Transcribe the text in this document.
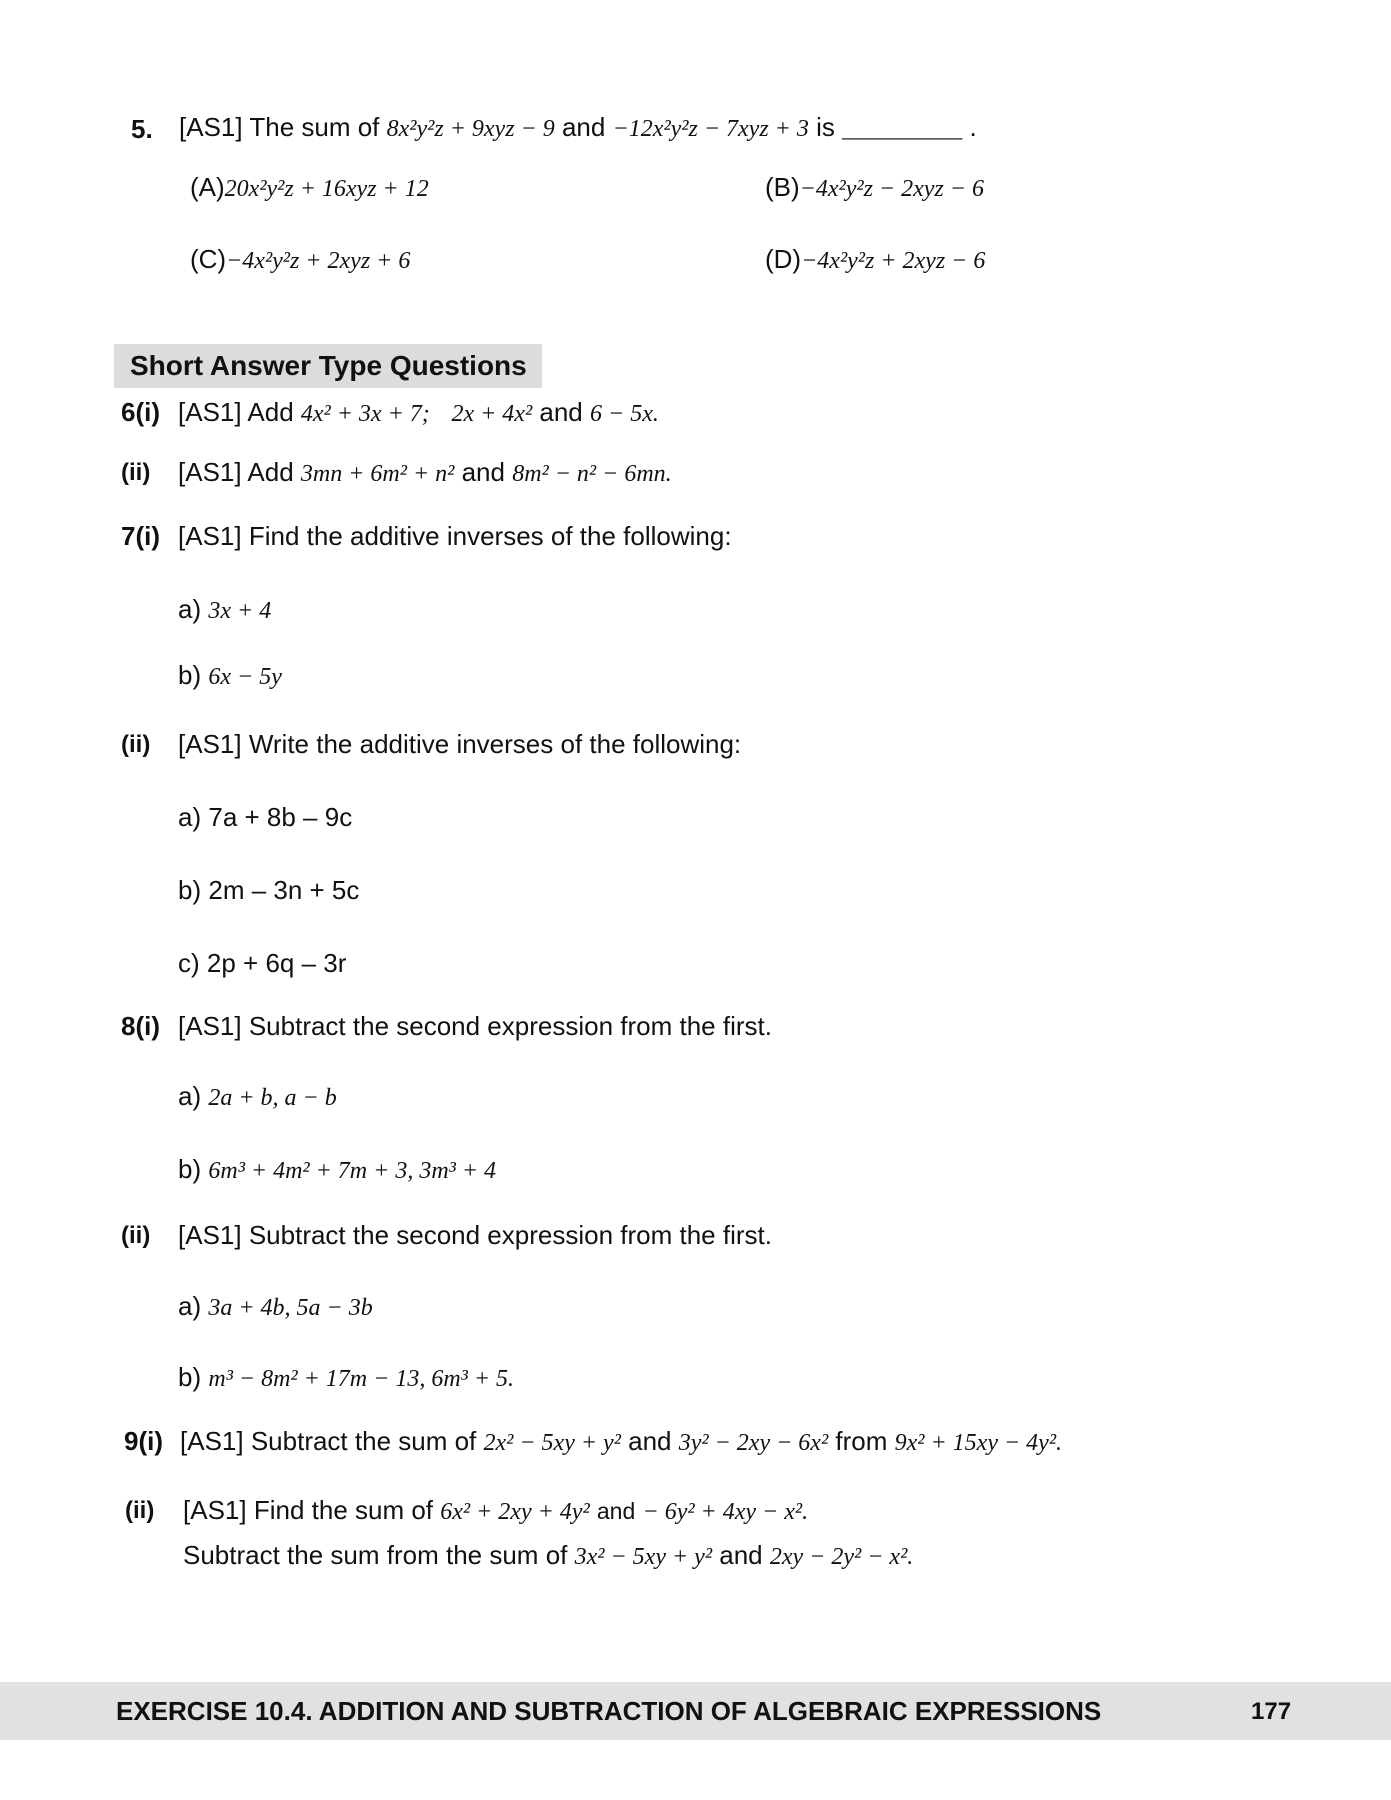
5. [AS1] The sum of 8x²y²z + 9xyz − 9 and −12x²y²z − 7xyz + 3 is ____________ .
(A)20x²y²z + 16xyz + 12	(B)−4x²y²z − 2xyz − 6
(C)−4x²y²z + 2xyz + 6	(D)−4x²y²z + 2xyz − 6
Short Answer Type Questions
6(i) [AS1] Add 4x² + 3x + 7; 2x + 4x² and 6 − 5x.
(ii) [AS1] Add 3mn + 6m² + n² and 8m² − n² − 6mn.
7(i) [AS1] Find the additive inverses of the following:
a) 3x + 4
b) 6x − 5y
(ii) [AS1] Write the additive inverses of the following:
a) 7a + 8b – 9c
b) 2m – 3n + 5c
c) 2p + 6q – 3r
8(i) [AS1] Subtract the second expression from the first.
a) 2a + b, a − b
b) 6m³ + 4m² + 7m + 3, 3m³ + 4
(ii) [AS1] Subtract the second expression from the first.
a) 3a + 4b, 5a − 3b
b) m³ − 8m² + 17m − 13, 6m³ + 5.
9(i) [AS1] Subtract the sum of 2x² − 5xy + y² and 3y² − 2xy − 6x² from 9x² + 15xy − 4y².
(ii) [AS1] Find the sum of 6x² + 2xy + 4y² and − 6y² + 4xy − x².
Subtract the sum from the sum of 3x² − 5xy + y² and 2xy − 2y² − x².
EXERCISE 10.4. ADDITION AND SUBTRACTION OF ALGEBRAIC EXPRESSIONS	177
